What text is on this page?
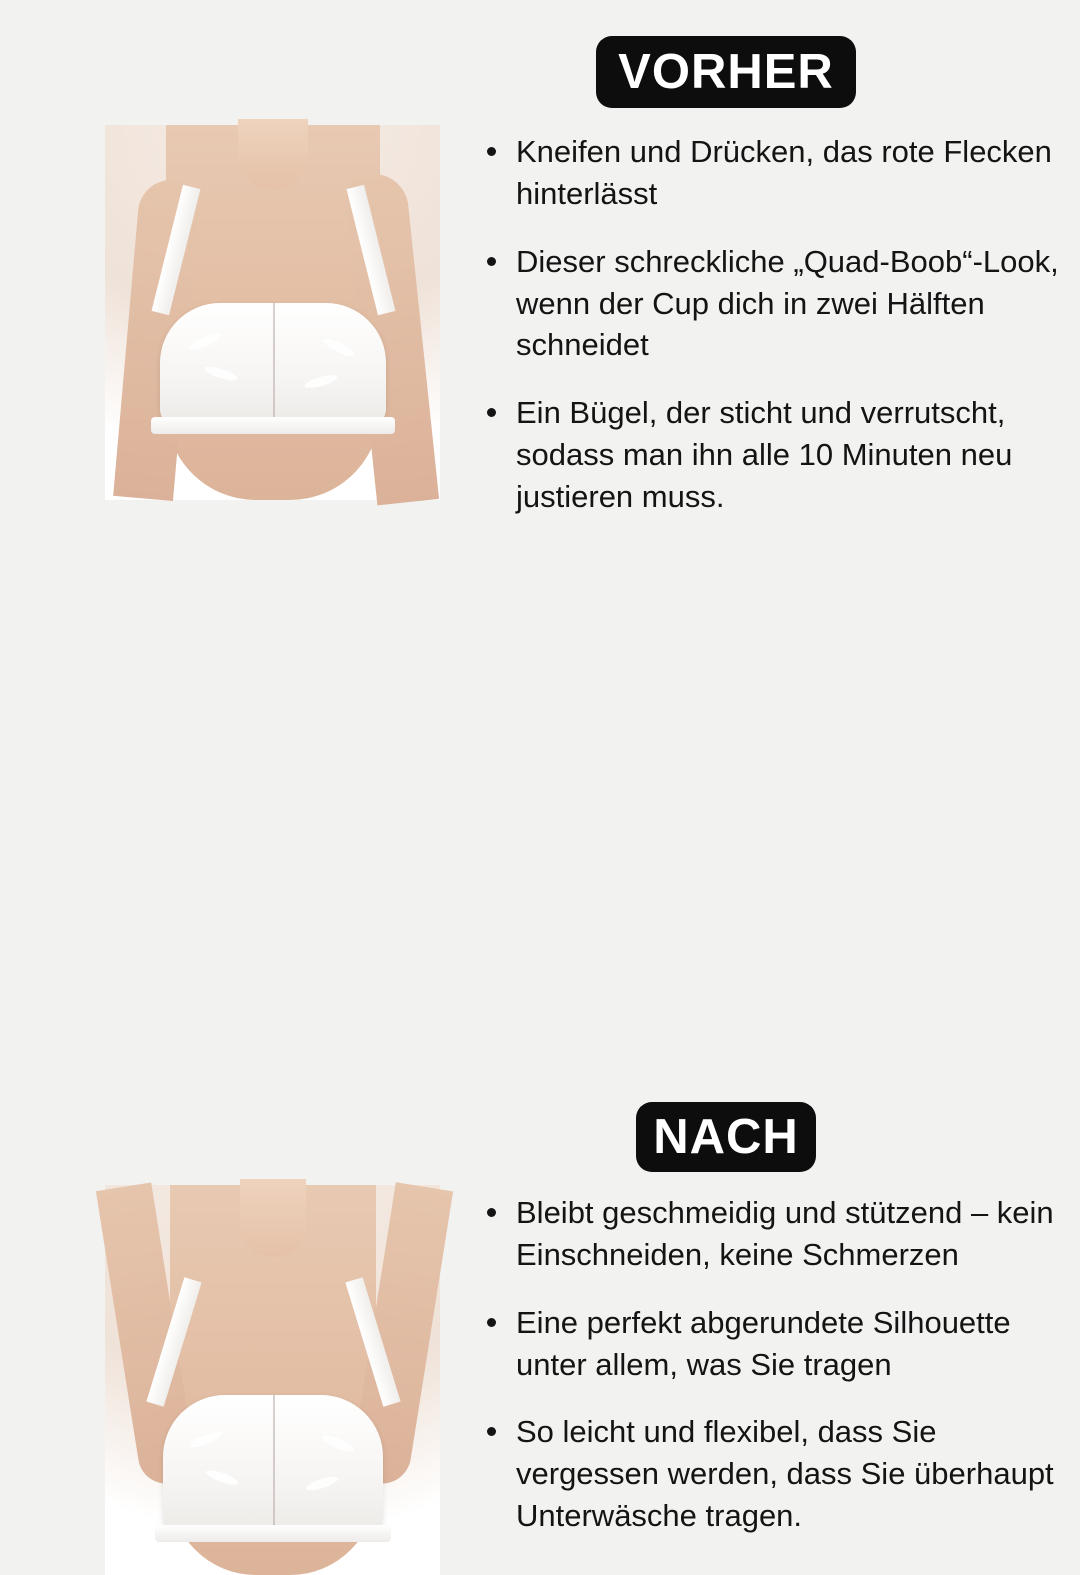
VORHER
Kneifen und Drücken, das rote Flecken hinterlässt
Dieser schreckliche „Quad-Boob“-Look, wenn der Cup dich in zwei Hälften schneidet
Ein Bügel, der sticht und verrutscht, sodass man ihn alle 10 Minuten neu justieren muss.
NACH
Bleibt geschmeidig und stützend – kein Einschneiden, keine Schmerzen
Eine perfekt abgerundete Silhouette unter allem, was Sie tragen
So leicht und flexibel, dass Sie vergessen werden, dass Sie überhaupt Unterwäsche tragen.
